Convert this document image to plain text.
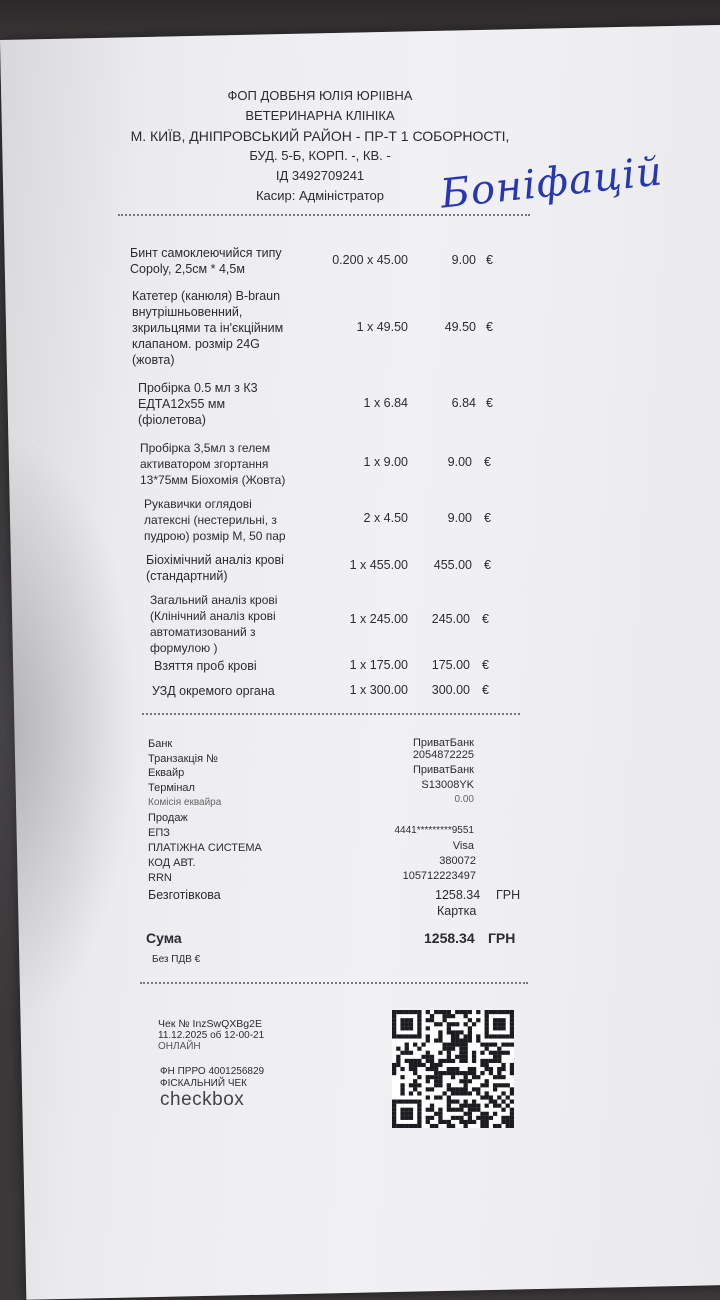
ФОП ДОВБНЯ ЮЛІЯ ЮРІІВНА
ВЕТЕРИНАРНА КЛІНІКА
М. КИЇВ, ДНІПРОВСЬКИЙ РАЙОН - ПР-Т 1 СОБОРНОСТІ,
БУД. 5-Б, КОРП. -, КВ. -
ІД 3492709241
Касир: Адміністратор	Боніфацій
Бинт самоклеючийся типу
Copoly, 2,5см * 4,5м
0.200 x 45.00	9.00 €
Катетер (канюля) B-braun
внутрішньовенний,
зкрильцями та ін'єкційним
клапаном. розмір 24G
(жовта)
1 x 49.50	49.50 €
Пробірка 0.5 мл з К3
ЕДТА12х55 мм
(фіолетова)
1 x 6.84	6.84 €
Пробірка 3,5мл з гелем
активатором згортання
13*75мм Біохомія (Жовта)
1 x 9.00	9.00 €
Рукавички оглядові
латексні (нестерильні, з
пудрою) розмір М, 50 пар
2 x 4.50	9.00 €
Біохімічний аналіз крові
(стандартний)
1 x 455.00	455.00 €
Загальний аналіз крові
(Клінічний аналіз крові
автоматизований з
формулою )
1 x 245.00	245.00 €
Взяття проб крові	1 x 175.00	175.00 €
УЗД окремого органа	1 x 300.00	300.00 €
Банк	ПриватБанк
Транзакція №	2054872225
Еквайр	ПриватБанк
Термінал	S13008YK
Комісія еквайра	0.00
Продаж
ЕПЗ	4441*********9551
ПЛАТІЖНА СИСТЕМА	Visa
КОД АВТ.	380072
RRN	105712223497
Безготівкова	1258.34 ГРН
Картка
Сума	1258.34 ГРН
Без ПДВ €
Чек № InzSwQXBg2E
11.12.2025 об 12-00-21
ОНЛАЙН
ФН ПРРО 4001256829
ФІСКАЛЬНИЙ ЧЕК
checkbox
